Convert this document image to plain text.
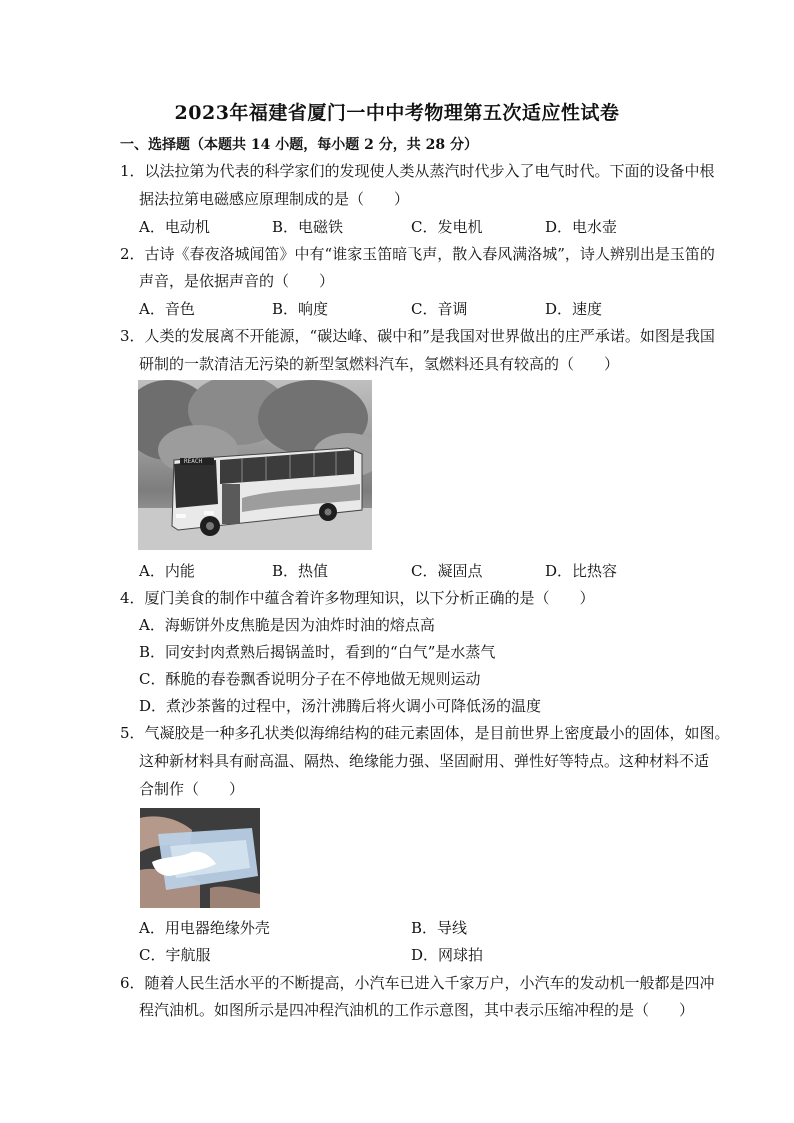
2023年福建省厦门一中中考物理第五次适应性试卷
一、选择题（本题共 14 小题，每小题 2 分，共 28 分）
1．以法拉第为代表的科学家们的发现使人类从蒸汽时代步入了电气时代。下面的设备中根
据法拉第电磁感应原理制成的是（　　）
A．电动机	B．电磁铁	C．发电机	D．电水壶
2．古诗《春夜洛城闻笛》中有“谁家玉笛暗飞声，散入春风满洛城”，诗人辨别出是玉笛的
声音，是依据声音的（　　）
A．音色	B．响度	C．音调	D．速度
3．人类的发展离不开能源，“碳达峰、碳中和”是我国对世界做出的庄严承诺。如图是我国
研制的一款清洁无污染的新型氢燃料汽车，氢燃料还具有较高的（　　）
REACH
A．内能	B．热值	C．凝固点	D．比热容
4．厦门美食的制作中蕴含着许多物理知识，以下分析正确的是（　　）
A．海蛎饼外皮焦脆是因为油炸时油的熔点高
B．同安封肉煮熟后揭锅盖时，看到的“白气”是水蒸气
C．酥脆的春卷飘香说明分子在不停地做无规则运动
D．煮沙茶酱的过程中，汤汁沸腾后将火调小可降低汤的温度
5．气凝胶是一种多孔状类似海绵结构的硅元素固体，是目前世界上密度最小的固体，如图。
这种新材料具有耐高温、隔热、绝缘能力强、坚固耐用、弹性好等特点。这种材料不适
合制作（　　）
A．用电器绝缘外壳	B．导线
C．宇航服	D．网球拍
6．随着人民生活水平的不断提高，小汽车已进入千家万户，小汽车的发动机一般都是四冲
程汽油机。如图所示是四冲程汽油机的工作示意图，其中表示压缩冲程的是（　　）
